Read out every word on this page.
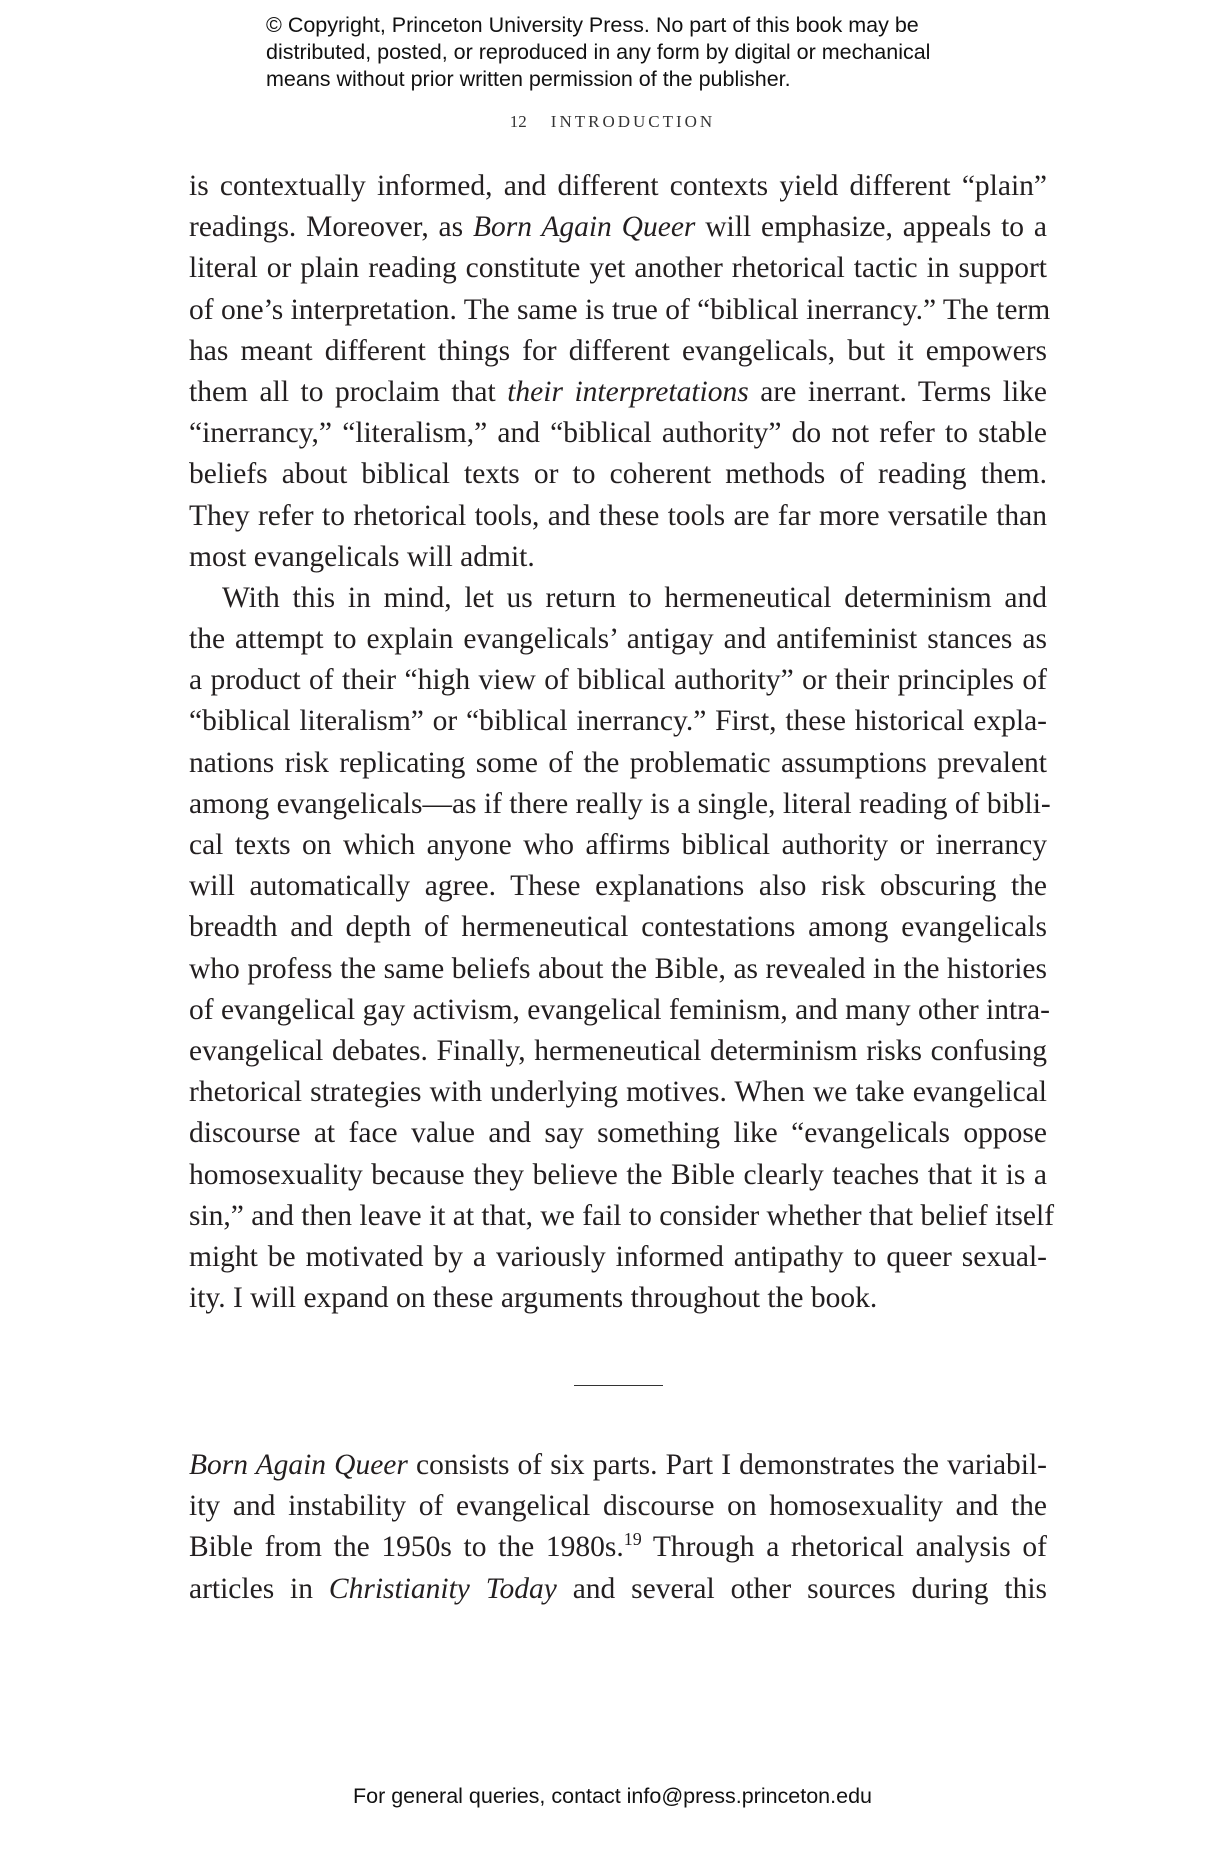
© Copyright, Princeton University Press. No part of this book may be
distributed, posted, or reproduced in any form by digital or mechanical
means without prior written permission of the publisher.
12 INTRODUCTION
is contextually informed, and different contexts yield different “plain”
readings. Moreover, as Born Again Queer will emphasize, appeals to a
literal or plain reading constitute yet another rhetorical tactic in support
of one’s interpretation. The same is true of “biblical inerrancy.” The term
has meant different things for different evangelicals, but it empowers
them all to proclaim that their interpretations are inerrant. Terms like
“inerrancy,” “literalism,” and “biblical authority” do not refer to stable
beliefs about biblical texts or to coherent methods of reading them.
They refer to rhetorical tools, and these tools are far more versatile than
most evangelicals will admit.
With this in mind, let us return to hermeneutical determinism and
the attempt to explain evangelicals’ antigay and antifeminist stances as
a product of their “high view of biblical authority” or their principles of
“biblical literalism” or “biblical inerrancy.” First, these historical expla-
nations risk replicating some of the problematic assumptions prevalent
among evangelicals—as if there really is a single, literal reading of bibli-
cal texts on which anyone who affirms biblical authority or inerrancy
will automatically agree. These explanations also risk obscuring the
breadth and depth of hermeneutical contestations among evangelicals
who profess the same beliefs about the Bible, as revealed in the histories
of evangelical gay activism, evangelical feminism, and many other intra-
evangelical debates. Finally, hermeneutical determinism risks confusing
rhetorical strategies with underlying motives. When we take evangelical
discourse at face value and say something like “evangelicals oppose
homosexuality because they believe the Bible clearly teaches that it is a
sin,” and then leave it at that, we fail to consider whether that belief itself
might be motivated by a variously informed antipathy to queer sexual-
ity. I will expand on these arguments throughout the book.
Born Again Queer consists of six parts. Part I demonstrates the variabil-
ity and instability of evangelical discourse on homosexuality and the
Bible from the 1950s to the 1980s.$^{19}$ Through a rhetorical analysis of
articles in Christianity Today and several other sources during this
For general queries, contact info@press.princeton.edu
